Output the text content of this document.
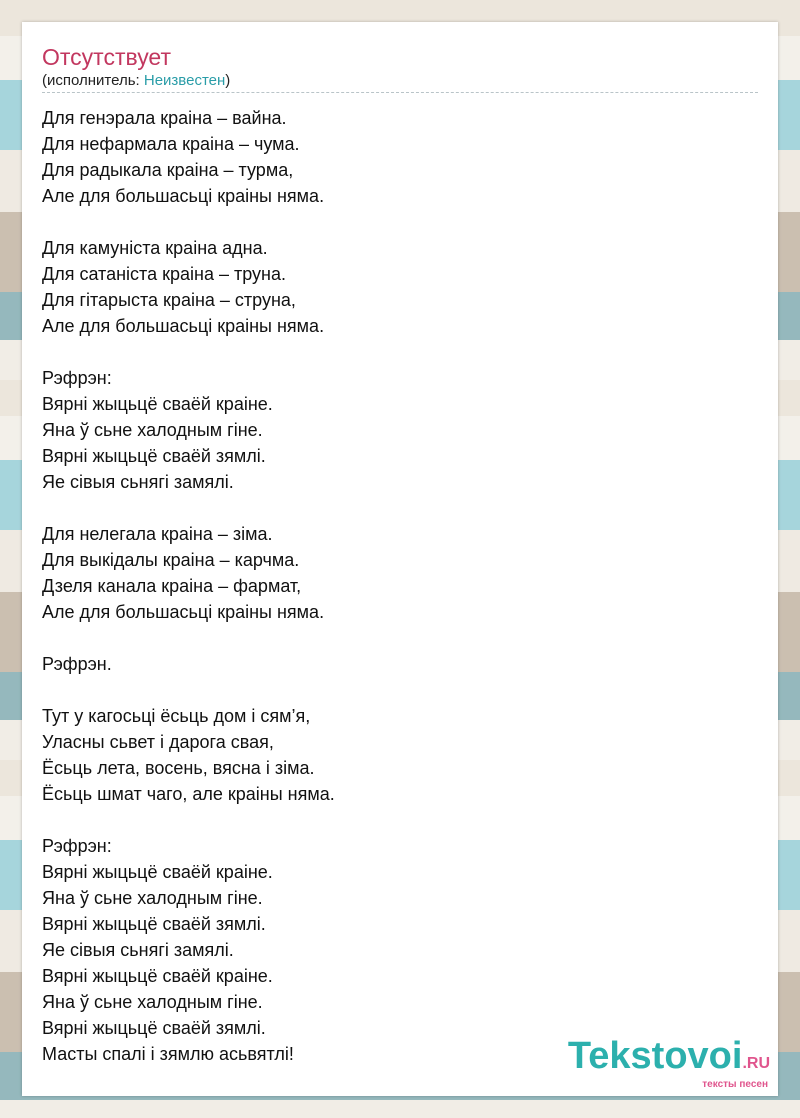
Отсутствует
(исполнитель: Неизвестен)
Для генэрала краіна – вайна.
Для нефармала краіна – чума.
Для радыкала краіна – турма,
Але для большасьці краіны няма.
Для камуніста краіна адна.
Для сатаніста краіна – труна.
Для гітарыста краіна – струна,
Але для большасьці краіны няма.
Рэфрэн:
Вярні жыцьцё сваёй краіне.
Яна ў сьне халодным гіне.
Вярні жыцьцё сваёй зямлі.
Яе сівыя сьнягі замялі.
Для нелегала краіна – зіма.
Для выкідалы краіна – карчма.
Дзеля канала краіна – фармат,
Але для большасьці краіны няма.
Рэфрэн.
Тут у кагосьці ёсьць дом і сям’я,
Уласны сьвет і дарога свая,
Ёсьць лета, восень, вясна і зіма.
Ёсьць шмат чаго, але краіны няма.
Рэфрэн:
Вярні жыцьцё сваёй краіне.
Яна ў сьне халодным гіне.
Вярні жыцьцё сваёй зямлі.
Яе сівыя сьнягі замялі.
Вярні жыцьцё сваёй краіне.
Яна ў сьне халодным гіне.
Вярні жыцьцё сваёй зямлі.
Масты спалі і зямлю асьвятлі!	Tekstovoi.RU
тексты песен
